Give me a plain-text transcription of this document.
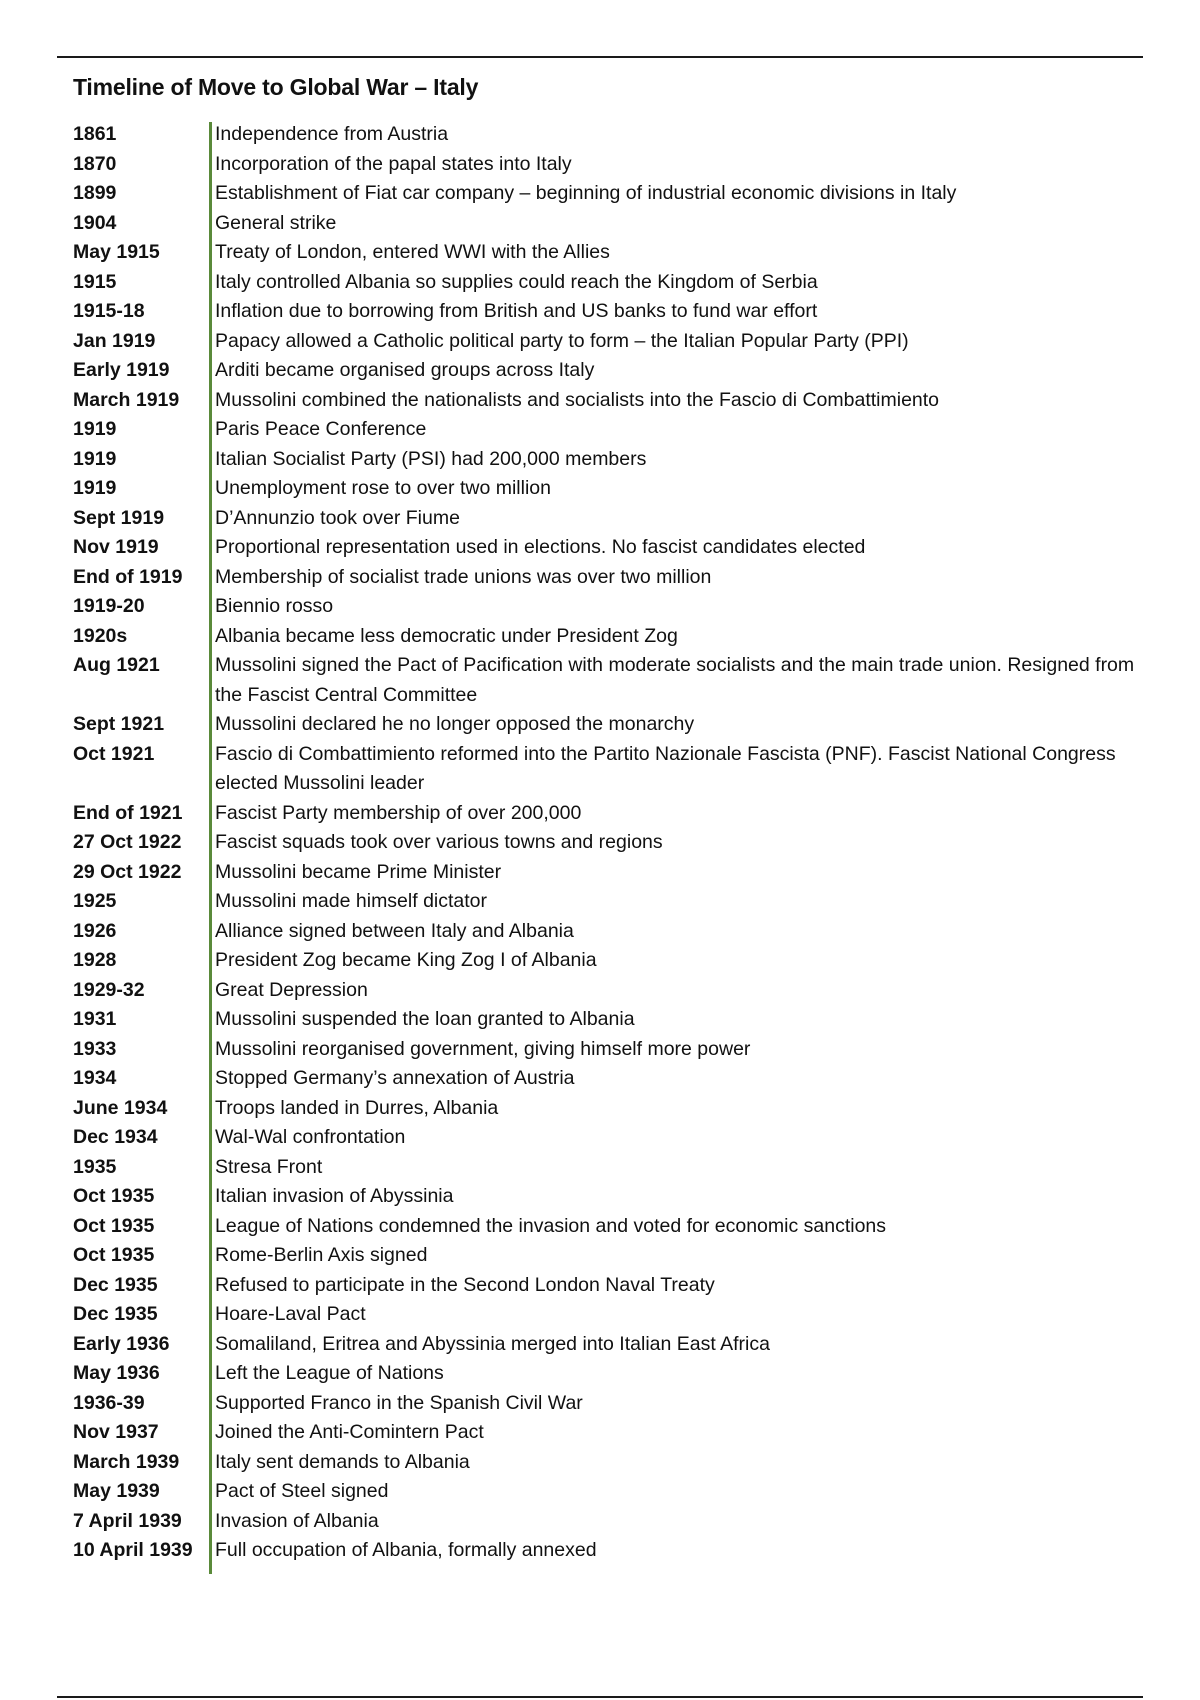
Timeline of Move to Global War – Italy
1861	Independence from Austria
1870	Incorporation of the papal states into Italy
1899	Establishment of Fiat car company – beginning of industrial economic divisions in Italy
1904	General strike
May 1915	Treaty of London, entered WWI with the Allies
1915	Italy controlled Albania so supplies could reach the Kingdom of Serbia
1915-18	Inflation due to borrowing from British and US banks to fund war effort
Jan 1919	Papacy allowed a Catholic political party to form – the Italian Popular Party (PPI)
Early 1919	Arditi became organised groups across Italy
March 1919	Mussolini combined the nationalists and socialists into the Fascio di Combattimiento
1919	Paris Peace Conference
1919	Italian Socialist Party (PSI) had 200,000 members
1919	Unemployment rose to over two million
Sept 1919	D’Annunzio took over Fiume
Nov 1919	Proportional representation used in elections. No fascist candidates elected
End of 1919	Membership of socialist trade unions was over two million
1919-20	Biennio rosso
1920s	Albania became less democratic under President Zog
Aug 1921	Mussolini signed the Pact of Pacification with moderate socialists and the main trade union. Resigned from the Fascist Central Committee
Sept 1921	Mussolini declared he no longer opposed the monarchy
Oct 1921	Fascio di Combattimiento reformed into the Partito Nazionale Fascista (PNF). Fascist National Congress elected Mussolini leader
End of 1921	Fascist Party membership of over 200,000
27 Oct 1922	Fascist squads took over various towns and regions
29 Oct 1922	Mussolini became Prime Minister
1925	Mussolini made himself dictator
1926	Alliance signed between Italy and Albania
1928	President Zog became King Zog I of Albania
1929-32	Great Depression
1931	Mussolini suspended the loan granted to Albania
1933	Mussolini reorganised government, giving himself more power
1934	Stopped Germany’s annexation of Austria
June 1934	Troops landed in Durres, Albania
Dec 1934	Wal-Wal confrontation
1935	Stresa Front
Oct 1935	Italian invasion of Abyssinia
Oct 1935	League of Nations condemned the invasion and voted for economic sanctions
Oct 1935	Rome-Berlin Axis signed
Dec 1935	Refused to participate in the Second London Naval Treaty
Dec 1935	Hoare-Laval Pact
Early 1936	Somaliland, Eritrea and Abyssinia merged into Italian East Africa
May 1936	Left the League of Nations
1936-39	Supported Franco in the Spanish Civil War
Nov 1937	Joined the Anti-Comintern Pact
March 1939	Italy sent demands to Albania
May 1939	Pact of Steel signed
7 April 1939	Invasion of Albania
10 April 1939	Full occupation of Albania, formally annexed
